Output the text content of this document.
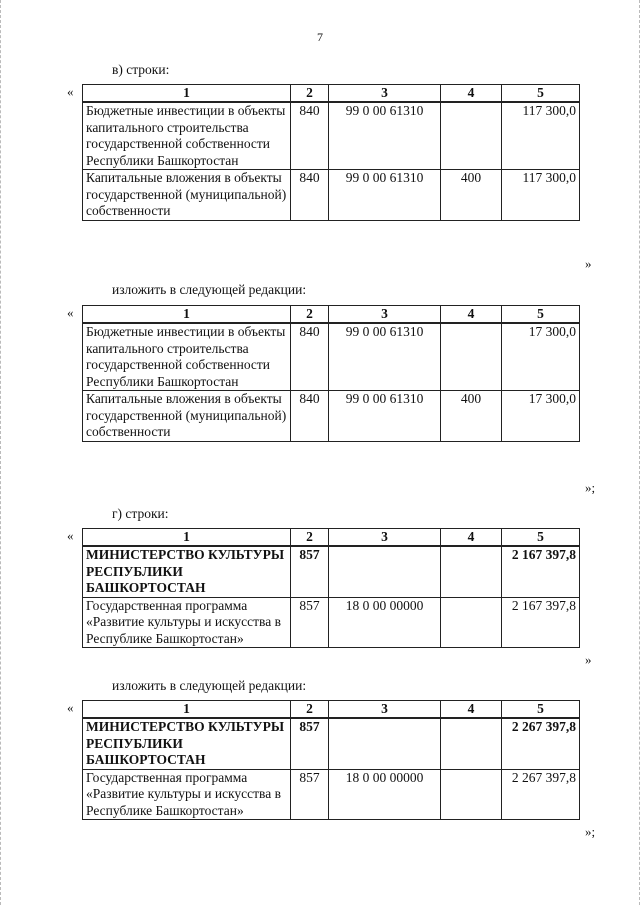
7
в) строки:
«	1	2	3	4	5
Бюджетные инвестиции в объекты капитального строительства государственной собственности Республики Башкортостан	840	99 0 00 61310		117 300,0
Капитальные вложения в объекты государственной (муниципальной) собственности	840	99 0 00 61310	400	117 300,0
»
изложить в следующей редакции:
«	1	2	3	4	5
Бюджетные инвестиции в объекты капитального строительства государственной собственности Республики Башкортостан	840	99 0 00 61310		17 300,0
Капитальные вложения в объекты государственной (муниципальной) собственности	840	99 0 00 61310	400	17 300,0
»;
г) строки:
«	1	2	3	4	5
МИНИСТЕРСТВО КУЛЬТУРЫ РЕСПУБЛИКИ БАШКОРТОСТАН	857			2 167 397,8
Государственная программа «Развитие культуры и искусства в Республике Башкортостан»	857	18 0 00 00000		2 167 397,8
»
изложить в следующей редакции:
«	1	2	3	4	5
МИНИСТЕРСТВО КУЛЬТУРЫ РЕСПУБЛИКИ БАШКОРТОСТАН	857			2 267 397,8
Государственная программа «Развитие культуры и искусства в Республике Башкортостан»	857	18 0 00 00000		2 267 397,8
»;
